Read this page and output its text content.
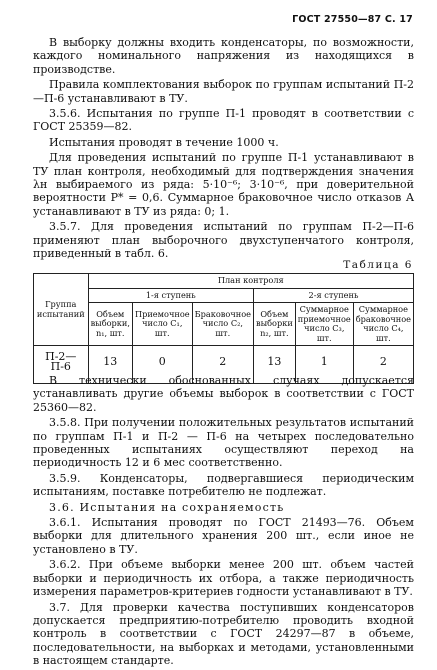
ГОСТ 27550—87 С. 17

В выборку должны входить конденсаторы, по возможности, каждого номинального напряжения из находящихся в производстве.

Правила комплектования выборок по группам испытаний П-2—П-6 устанавливают в ТУ.

3.5.6. Испытания по группе П-1 проводят в соответствии с ГОСТ 25359—82.

Испытания проводят в течение 1000 ч.

Для проведения испытаний по группе П-1 устанавливают в ТУ план контроля, необходимый для подтверждения значения λн выбираемого из ряда: 5·10⁻⁶; 3·10⁻⁶, при доверительной вероятности P* = 0,6. Суммарное браковочное число отказов A устанавливают в ТУ из ряда: 0; 1.

3.5.7. Для проведения испытаний по группам П-2—П-6 применяют план выборочного двухступенчатого контроля, приведенный в табл. 6.

Таблица 6
Группа испытаний	План контроля					
	1-я ступень			2-я ступень		
	Объем выборки, n₁, шт.	Приемочное число C₁, шт.	Браковочное число C₂, шт.	Объем выборки n₂, шт.	Суммарное приемочное число C₃, шт.	Суммарное браковочное число C₄, шт.
П-2—П-6	13	0	2	13	1	2

В технически обоснованных случаях допускается устанавливать другие объемы выборок в соответствии с ГОСТ 25360—82.

3.5.8. При получении положительных результатов испытаний по группам П-1 и П-2 — П-6 на четырех последовательно проведенных испытаниях осуществляют переход на периодичность 12 и 6 мес соответственно.

3.5.9. Конденсаторы, подвергавшиеся периодическим испытаниям, поставке потребителю не подлежат.

3.6. Испытания на сохраняемость

3.6.1. Испытания проводят по ГОСТ 21493—76. Объем выборки для длительного хранения 200 шт., если иное не установлено в ТУ.

3.6.2. При объеме выборки менее 200 шт. объем частей выборки и периодичность их отбора, а также периодичность измерения параметров-критериев годности устанавливают в ТУ.

3.7. Для проверки качества поступивших конденсаторов допускается предприятию-потребителю проводить входной контроль в соответствии с ГОСТ 24297—87 в объеме, последовательности, на выборках и методами, установленными в настоящем стандарте.
